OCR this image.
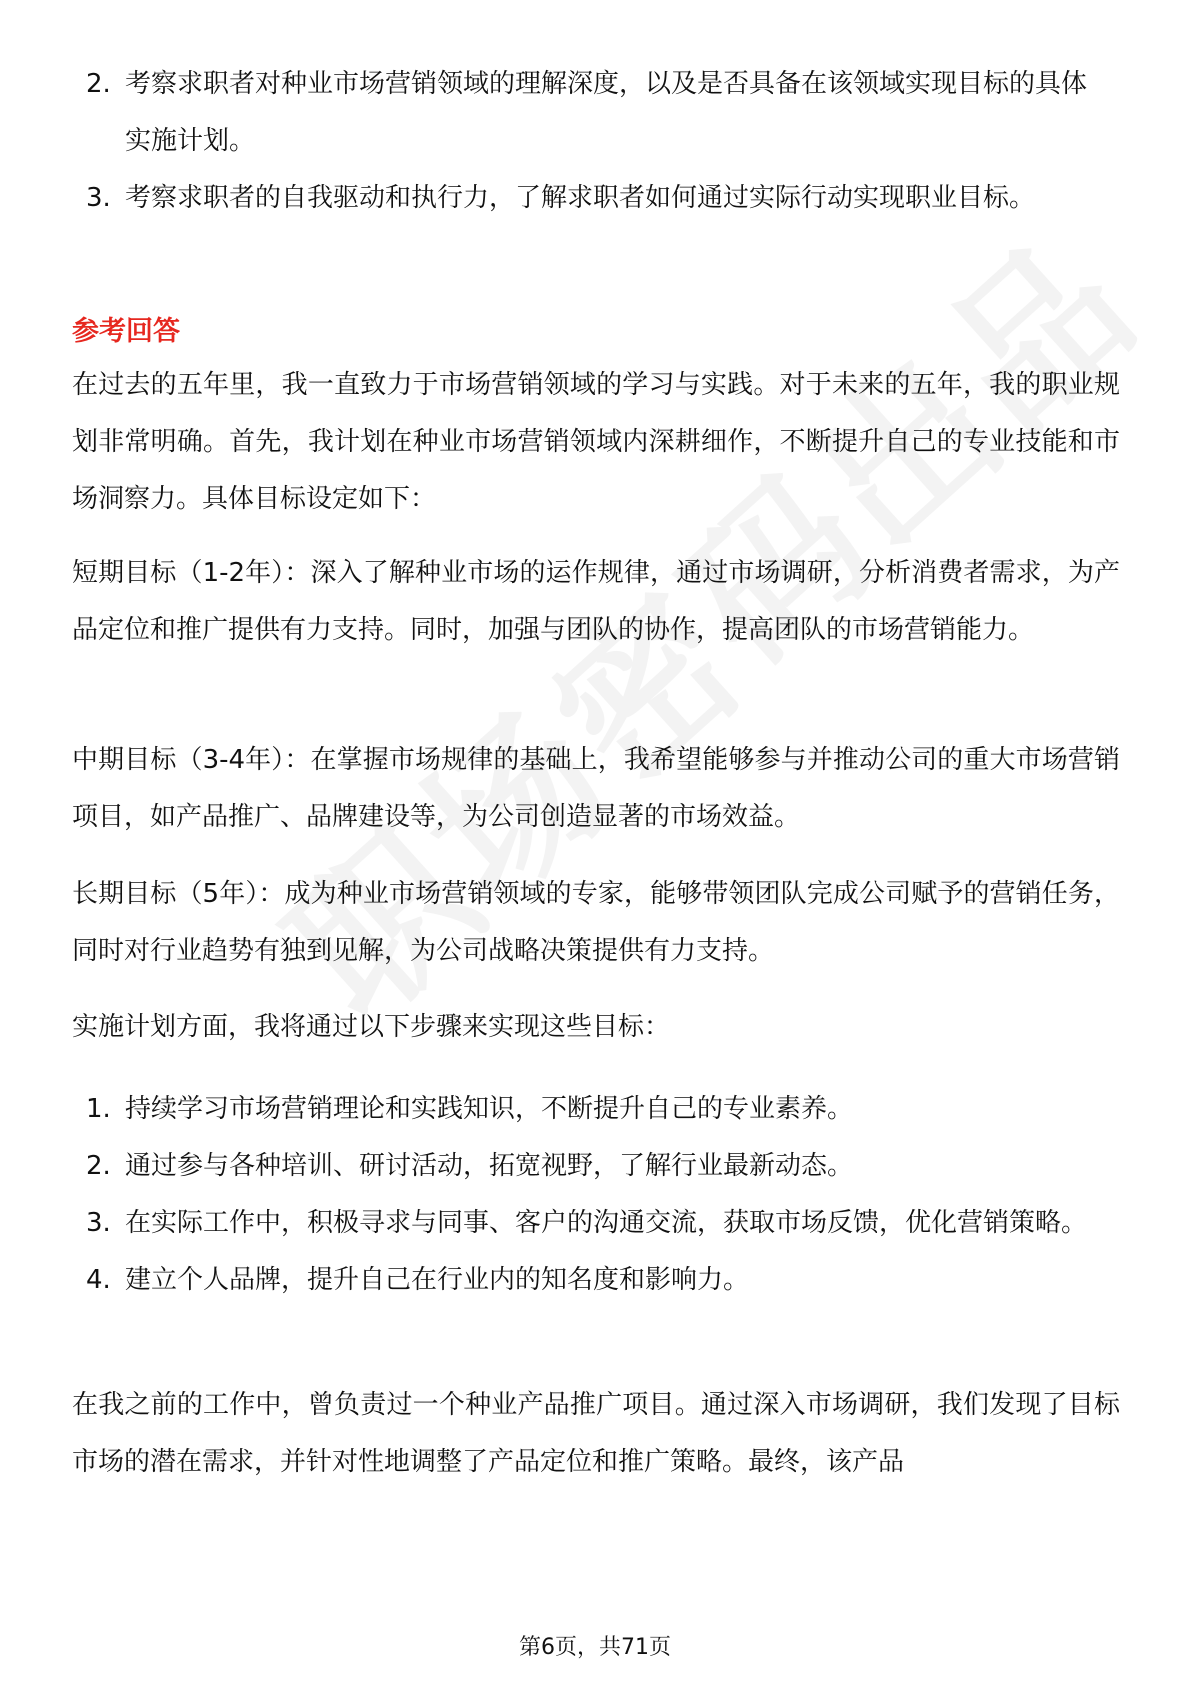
2. 考察求职者对种业市场营销领域的理解深度，以及是否具备在该领域实现目标的具体实施计划。
3. 考察求职者的自我驱动和执行力，了解求职者如何通过实际行动实现职业目标。
参考回答

在过去的五年里，我一直致力于市场营销领域的学习与实践。对于未来的五年，我的职业规划非常明确。首先，我计划在种业市场营销领域内深耕细作，不断提升自己的专业技能和市场洞察力。具体目标设定如下：

短期目标（1-2年）：深入了解种业市场的运作规律，通过市场调研，分析消费者需求，为产品定位和推广提供有力支持。同时，加强与团队的协作，提高团队的市场营销能力。

中期目标（3-4年）：在掌握市场规律的基础上，我希望能够参与并推动公司的重大市场营销项目，如产品推广、品牌建设等，为公司创造显著的市场效益。

长期目标（5年）：成为种业市场营销领域的专家，能够带领团队完成公司赋予的营销任务，同时对行业趋势有独到见解，为公司战略决策提供有力支持。

实施计划方面，我将通过以下步骤来实现这些目标：

1. 持续学习市场营销理论和实践知识，不断提升自己的专业素养。
2. 通过参与各种培训、研讨活动，拓宽视野，了解行业最新动态。
3. 在实际工作中，积极寻求与同事、客户的沟通交流，获取市场反馈，优化营销策略。
4. 建立个人品牌，提升自己在行业内的知名度和影响力。

在我之前的工作中，曾负责过一个种业产品推广项目。通过深入市场调研，我们发现了目标市场的潜在需求，并针对性地调整了产品定位和推广策略。最终，该产品

第6页，共71页
